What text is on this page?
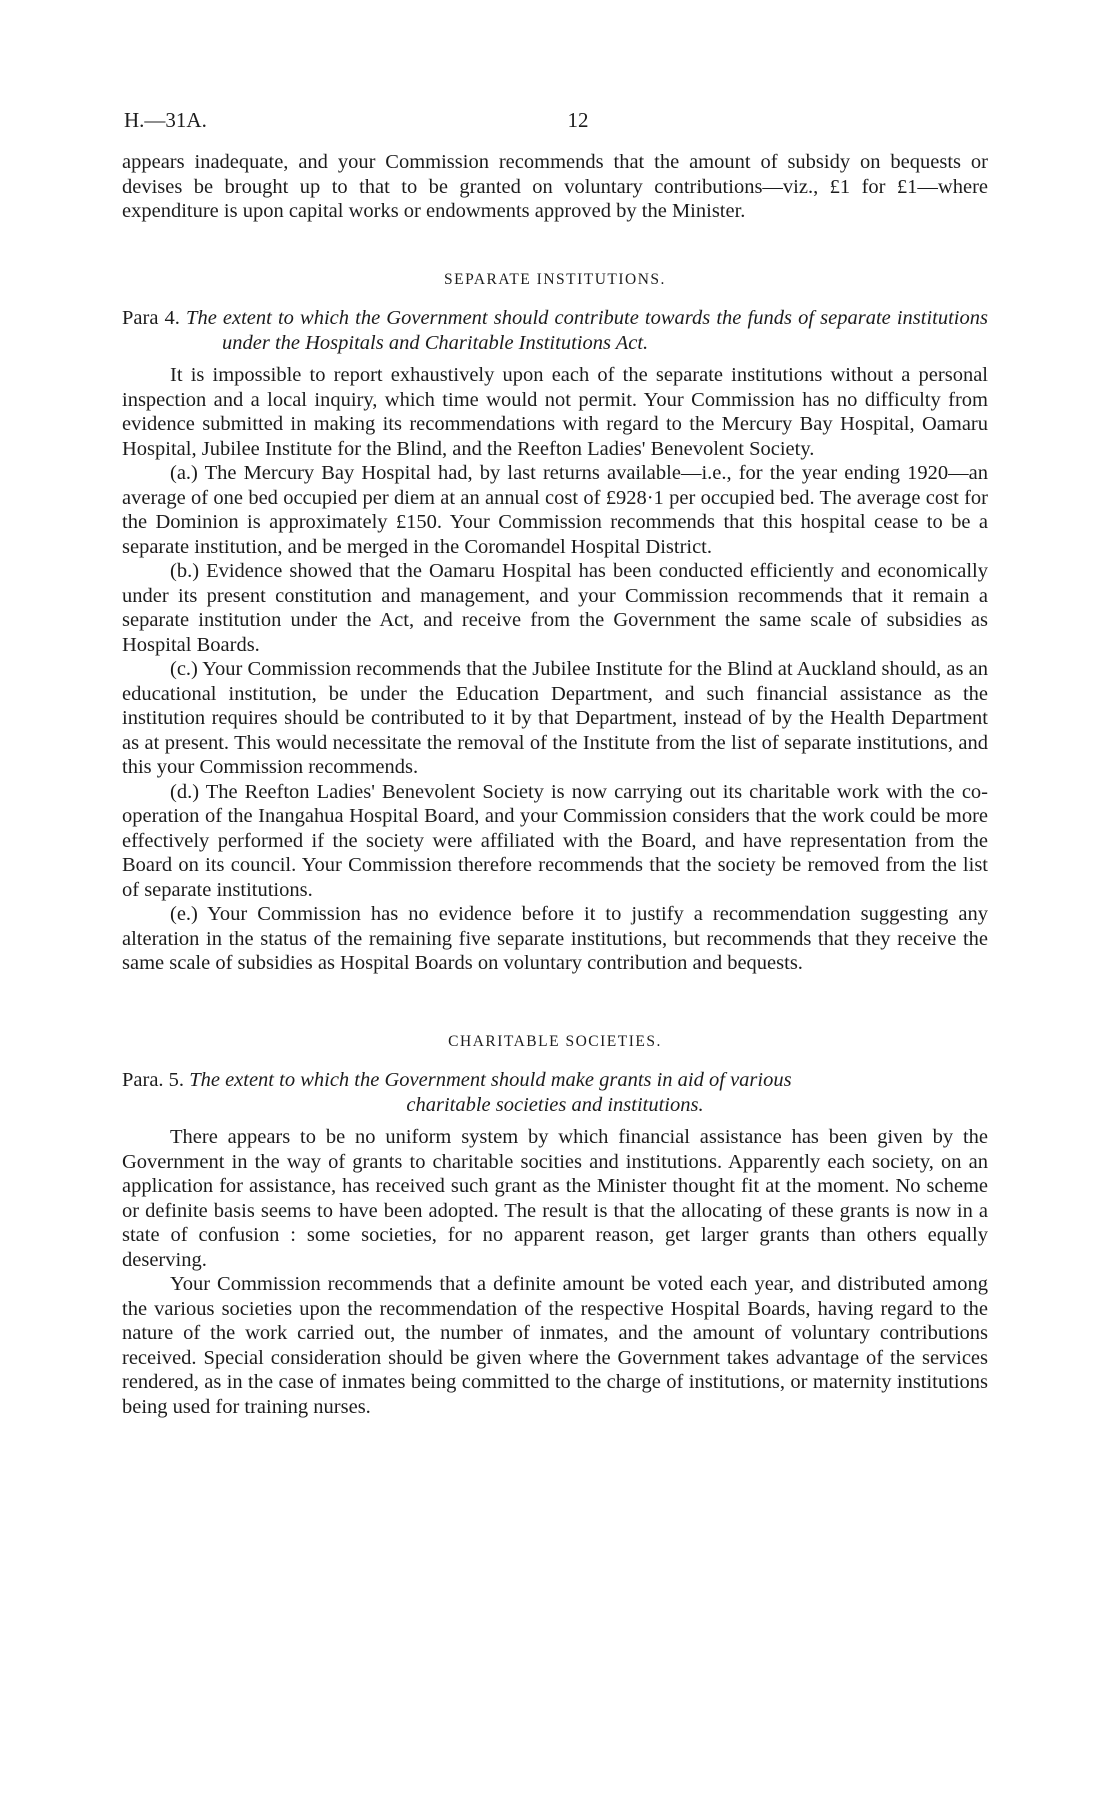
H.—31A.	12

appears inadequate, and your Commission recommends that the amount of subsidy on bequests or devises be brought up to that to be granted on voluntary contributions—viz., £1 for £1—where expenditure is upon capital works or endowments approved by the Minister.

SEPARATE INSTITUTIONS.

Para 4. The extent to which the Government should contribute towards the funds of separate institutions under the Hospitals and Charitable Institutions Act.

It is impossible to report exhaustively upon each of the separate institutions without a personal inspection and a local inquiry, which time would not permit. Your Commission has no difficulty from evidence submitted in making its recommendations with regard to the Mercury Bay Hospital, Oamaru Hospital, Jubilee Institute for the Blind, and the Reefton Ladies' Benevolent Society.

(a.) The Mercury Bay Hospital had, by last returns available—i.e., for the year ending 1920—an average of one bed occupied per diem at an annual cost of £928·1 per occupied bed. The average cost for the Dominion is approximately £150. Your Commission recommends that this hospital cease to be a separate institution, and be merged in the Coromandel Hospital District.

(b.) Evidence showed that the Oamaru Hospital has been conducted efficiently and economically under its present constitution and management, and your Commission recommends that it remain a separate institution under the Act, and receive from the Government the same scale of subsidies as Hospital Boards.

(c.) Your Commission recommends that the Jubilee Institute for the Blind at Auckland should, as an educational institution, be under the Education Department, and such financial assistance as the institution requires should be contributed to it by that Department, instead of by the Health Department as at present. This would necessitate the removal of the Institute from the list of separate institutions, and this your Commission recommends.

(d.) The Reefton Ladies' Benevolent Society is now carrying out its charitable work with the co-operation of the Inangahua Hospital Board, and your Commission considers that the work could be more effectively performed if the society were affiliated with the Board, and have representation from the Board on its council. Your Commission therefore recommends that the society be removed from the list of separate institutions.

(e.) Your Commission has no evidence before it to justify a recommendation suggesting any alteration in the status of the remaining five separate institutions, but recommends that they receive the same scale of subsidies as Hospital Boards on voluntary contribution and bequests.

CHARITABLE SOCIETIES.

Para. 5. The extent to which the Government should make grants in aid of various
charitable societies and institutions.

There appears to be no uniform system by which financial assistance has been given by the Government in the way of grants to charitable socities and institutions. Apparently each society, on an application for assistance, has received such grant as the Minister thought fit at the moment. No scheme or definite basis seems to have been adopted. The result is that the allocating of these grants is now in a state of confusion : some societies, for no apparent reason, get larger grants than others equally deserving.

Your Commission recommends that a definite amount be voted each year, and distributed among the various societies upon the recommendation of the respective Hospital Boards, having regard to the nature of the work carried out, the number of inmates, and the amount of voluntary contributions received. Special consideration should be given where the Government takes advantage of the services rendered, as in the case of inmates being committed to the charge of institutions, or maternity institutions being used for training nurses.
